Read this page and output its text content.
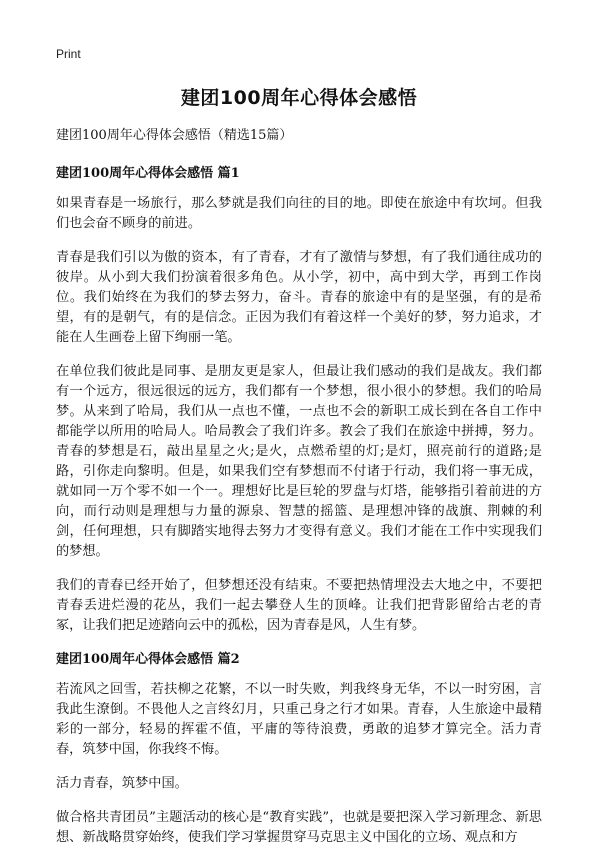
Print
建团100周年心得体会感悟
建团100周年心得体会感悟（精选15篇）
建团100周年心得体会感悟 篇1

如果青春是一场旅行，那么梦就是我们向往的目的地。即使在旅途中有坎坷。但我们也会奋不顾身的前进。

青春是我们引以为傲的资本，有了青春，才有了激情与梦想，有了我们通往成功的彼岸。从小到大我们扮演着很多角色。从小学，初中，高中到大学，再到工作岗位。我们始终在为我们的梦去努力，奋斗。青春的旅途中有的是坚强，有的是希望，有的是朝气，有的是信念。正因为我们有着这样一个美好的梦，努力追求，才能在人生画卷上留下绚丽一笔。

在单位我们彼此是同事、是朋友更是家人，但最让我们感动的我们是战友。我们都有一个远方，很远很远的远方，我们都有一个梦想，很小很小的梦想。我们的哈局梦。从来到了哈局，我们从一点也不懂，一点也不会的新职工成长到在各自工作中都能学以所用的哈局人。哈局教会了我们许多。教会了我们在旅途中拼搏，努力。青春的梦想是石，敲出星星之火;是火，点燃希望的灯;是灯，照亮前行的道路;是路，引你走向黎明。但是，如果我们空有梦想而不付诸于行动，我们将一事无成，就如同一万个零不如一个一。理想好比是巨轮的罗盘与灯塔，能够指引着前进的方向，而行动则是理想与力量的源泉、智慧的摇篮、是理想冲锋的战旗、荆棘的利剑，任何理想，只有脚踏实地得去努力才变得有意义。我们才能在工作中实现我们的梦想。

我们的青春已经开始了，但梦想还没有结束。不要把热情埋没去大地之中，不要把青春丢进烂漫的花丛，我们一起去攀登人生的顶峰。让我们把背影留给古老的青冢，让我们把足迹踏向云中的孤松，因为青春是风，人生有梦。

建团100周年心得体会感悟 篇2

若流风之回雪，若扶柳之花繁，不以一时失败，判我终身无华，不以一时穷困，言我此生潦倒。不畏他人之言终幻月，只重己身之行才如果。青春，人生旅途中最精彩的一部分，轻易的挥霍不值，平庸的等待浪费，勇敢的追梦才算完全。活力青春，筑梦中国，你我终不悔。

活力青春，筑梦中国。

做合格共青团员”主题活动的核心是“教育实践”，也就是要把深入学习新理念、新思想、新战略贯穿始终，使我们学习掌握贯穿马克思主义中国化的立场、观点和方
